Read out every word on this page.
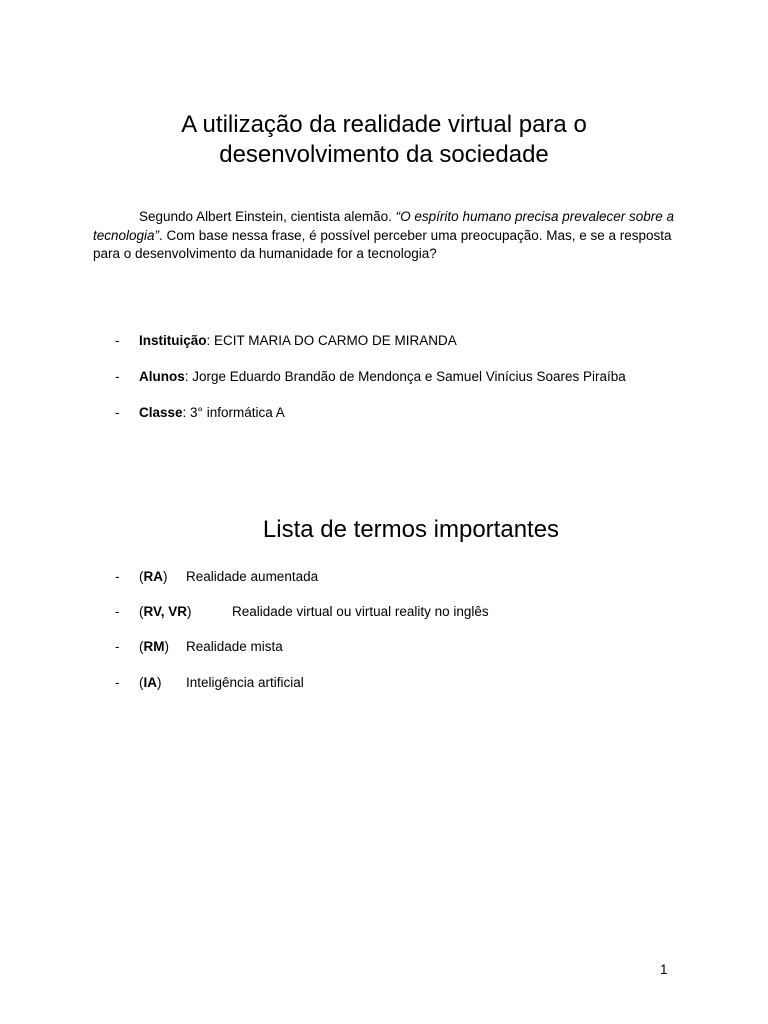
A utilização da realidade virtual para o
desenvolvimento da sociedade

Segundo Albert Einstein, cientista alemão. “O espírito humano precisa prevalecer sobre a tecnologia”. Com base nessa frase, é possível perceber uma preocupação. Mas, e se a resposta para o desenvolvimento da humanidade for a tecnologia?

- Instituição: ECIT MARIA DO CARMO DE MIRANDA
- Alunos: Jorge Eduardo Brandão de Mendonça e Samuel Vinícius Soares Piraíba
- Classe: 3° informática A
Lista de termos importantes
- (RA) Realidade aumentada
- (RV, VR)	Realidade virtual ou virtual reality no inglês
- (RM) Realidade mista
- (IA) Inteligência artificial
1
